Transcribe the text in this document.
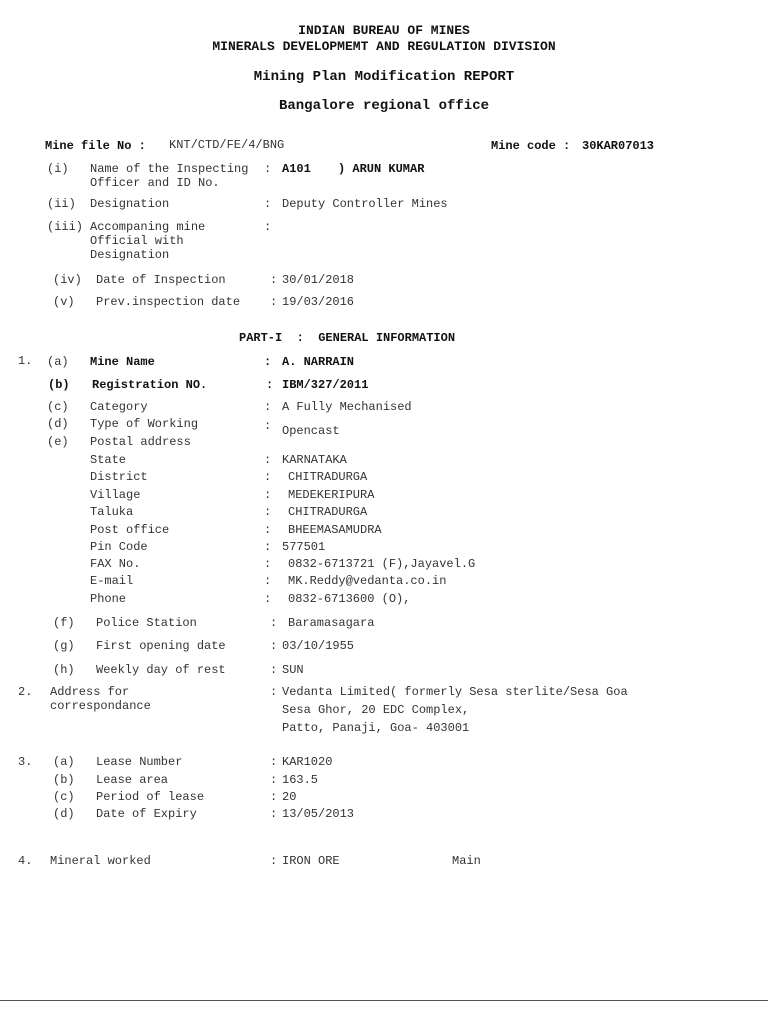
INDIAN BUREAU OF MINES
MINERALS DEVELOPMEMT AND REGULATION DIVISION
Mining Plan Modification REPORT
Bangalore regional office
Mine file No : KNT/CTD/FE/4/BNG	Mine code : 30KAR07013
(i) Name of the Inspecting
Officer and ID No.
: A101 ) ARUN KUMAR
(ii) Designation	: Deputy Controller Mines
(iii) Accompaning mine
Official with
Designation
:
(iv) Date of Inspection	: 30/01/2018
(v) Prev.inspection date : 19/03/2016
PART-I  :  GENERAL INFORMATION
1. (a) Mine Name	: A. NARRAIN
(b) Registration NO.	: IBM/327/2011
(c) Category	: A Fully Mechanised
(d) Type of Working	: Opencast
(e) Postal address
State	: KARNATAKA
District	: CHITRADURGA
Village	: MEDEKERIPURA
Taluka	: CHITRADURGA
Post office	: BHEEMASAMUDRA
Pin Code	: 577501
FAX No.	: 0832-6713721 (F),Jayavel.G
E-mail	: MK.Reddy@vedanta.co.in
Phone	: 0832-6713600 (O),
(f) Police Station	: Baramasagara
(g) First opening date	: 03/10/1955
(h) Weekly day of rest	: SUN
2. Address for
correspondance
: Vedanta Limited( formerly Sesa sterlite/Sesa Goa
Sesa Ghor, 20 EDC Complex,
Patto, Panaji, Goa- 403001
3. (a) Lease Number	: KAR1020
(b) Lease area	: 163.5
(c) Period of lease	: 20
(d) Date of Expiry	: 13/05/2013
4. Mineral worked	: IRON ORE	Main
